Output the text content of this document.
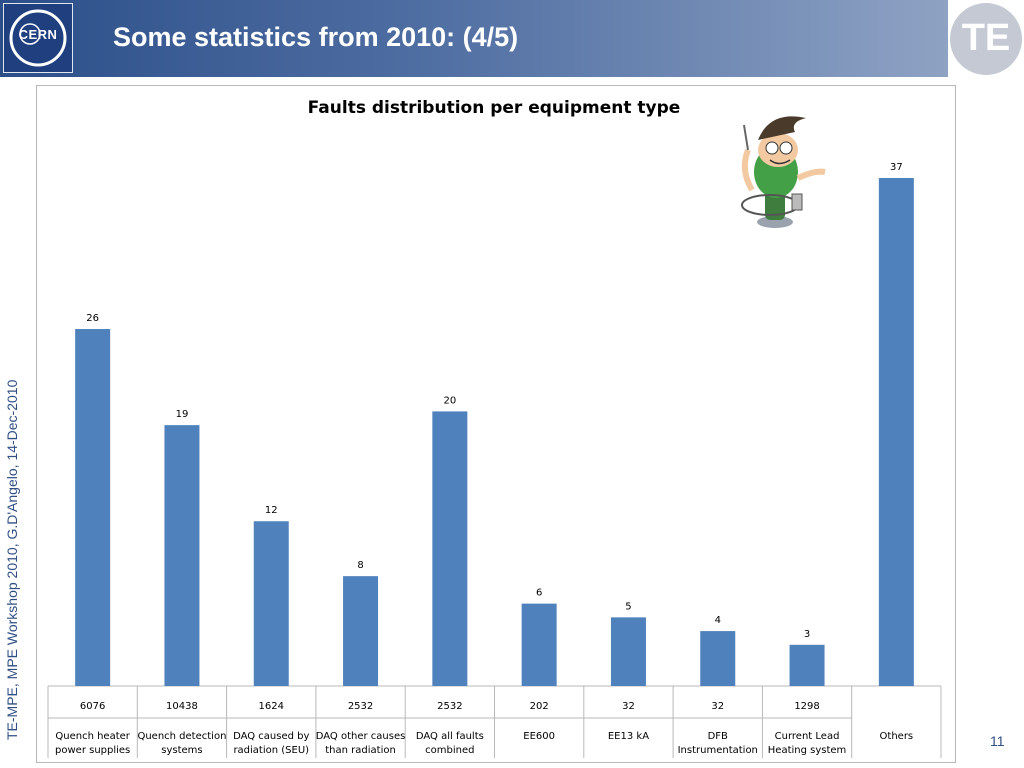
CERN	Some statistics from 2010: (4/5)	TE
TE-MPE, MPE Workshop 2010, G.D'Angelo, 14-Dec-2010
11
Faults distribution per equipment type
26
6076
Quench heater
power supplies
19
10438
Quench detection
systems
12
1624
DAQ caused by
radiation (SEU)
8
2532
DAQ other causes
than radiation
20
2532
DAQ all faults
combined
6
202
EE600
5
32
EE13 kA
4
32
DFB
Instrumentation
3
1298
Current Lead
Heating system
37
Others
